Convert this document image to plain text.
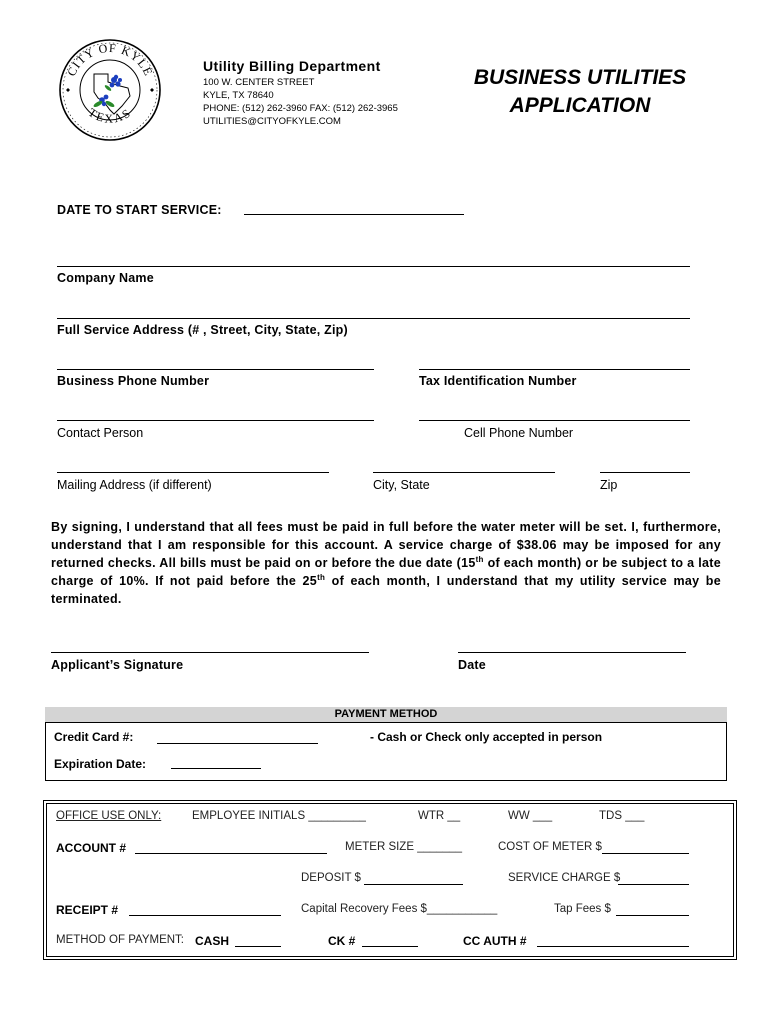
CITY OF KYLE
TEXAS
Utility Billing Department
100 W. CENTER STREET
KYLE, TX 78640
PHONE: (512) 262-3960 FAX: (512) 262-3965
UTILITIES@CITYOFKYLE.COM
BUSINESS UTILITIES
APPLICATION
DATE TO START SERVICE:
Company Name
Full Service Address (# , Street, City, State, Zip)
Business Phone Number	Tax Identification Number
Contact Person	Cell Phone Number
Mailing Address (if different)	City, State	Zip
By signing, I understand that all fees must be paid in full before the water meter will be set. I, furthermore, understand that I am responsible for this account. A service charge of $38.06 may be imposed for any returned checks. All bills must be paid on or before the due date (15th of each month) or be subject to a late charge of 10%. If not paid before the 25th of each month, I understand that my utility service may be terminated.
Applicant’s Signature	Date
PAYMENT METHOD
Credit Card #:	- Cash or Check only accepted in person
Expiration Date:
OFFICE USE ONLY:	EMPLOYEE INITIALS _________	WTR __	WW ___	TDS ___
ACCOUNT #	METER SIZE _______	COST OF METER $
DEPOSIT $	SERVICE CHARGE $
RECEIPT #	Capital Recovery Fees $___________	Tap Fees $
METHOD OF PAYMENT: CASH	CK #	CC AUTH #
